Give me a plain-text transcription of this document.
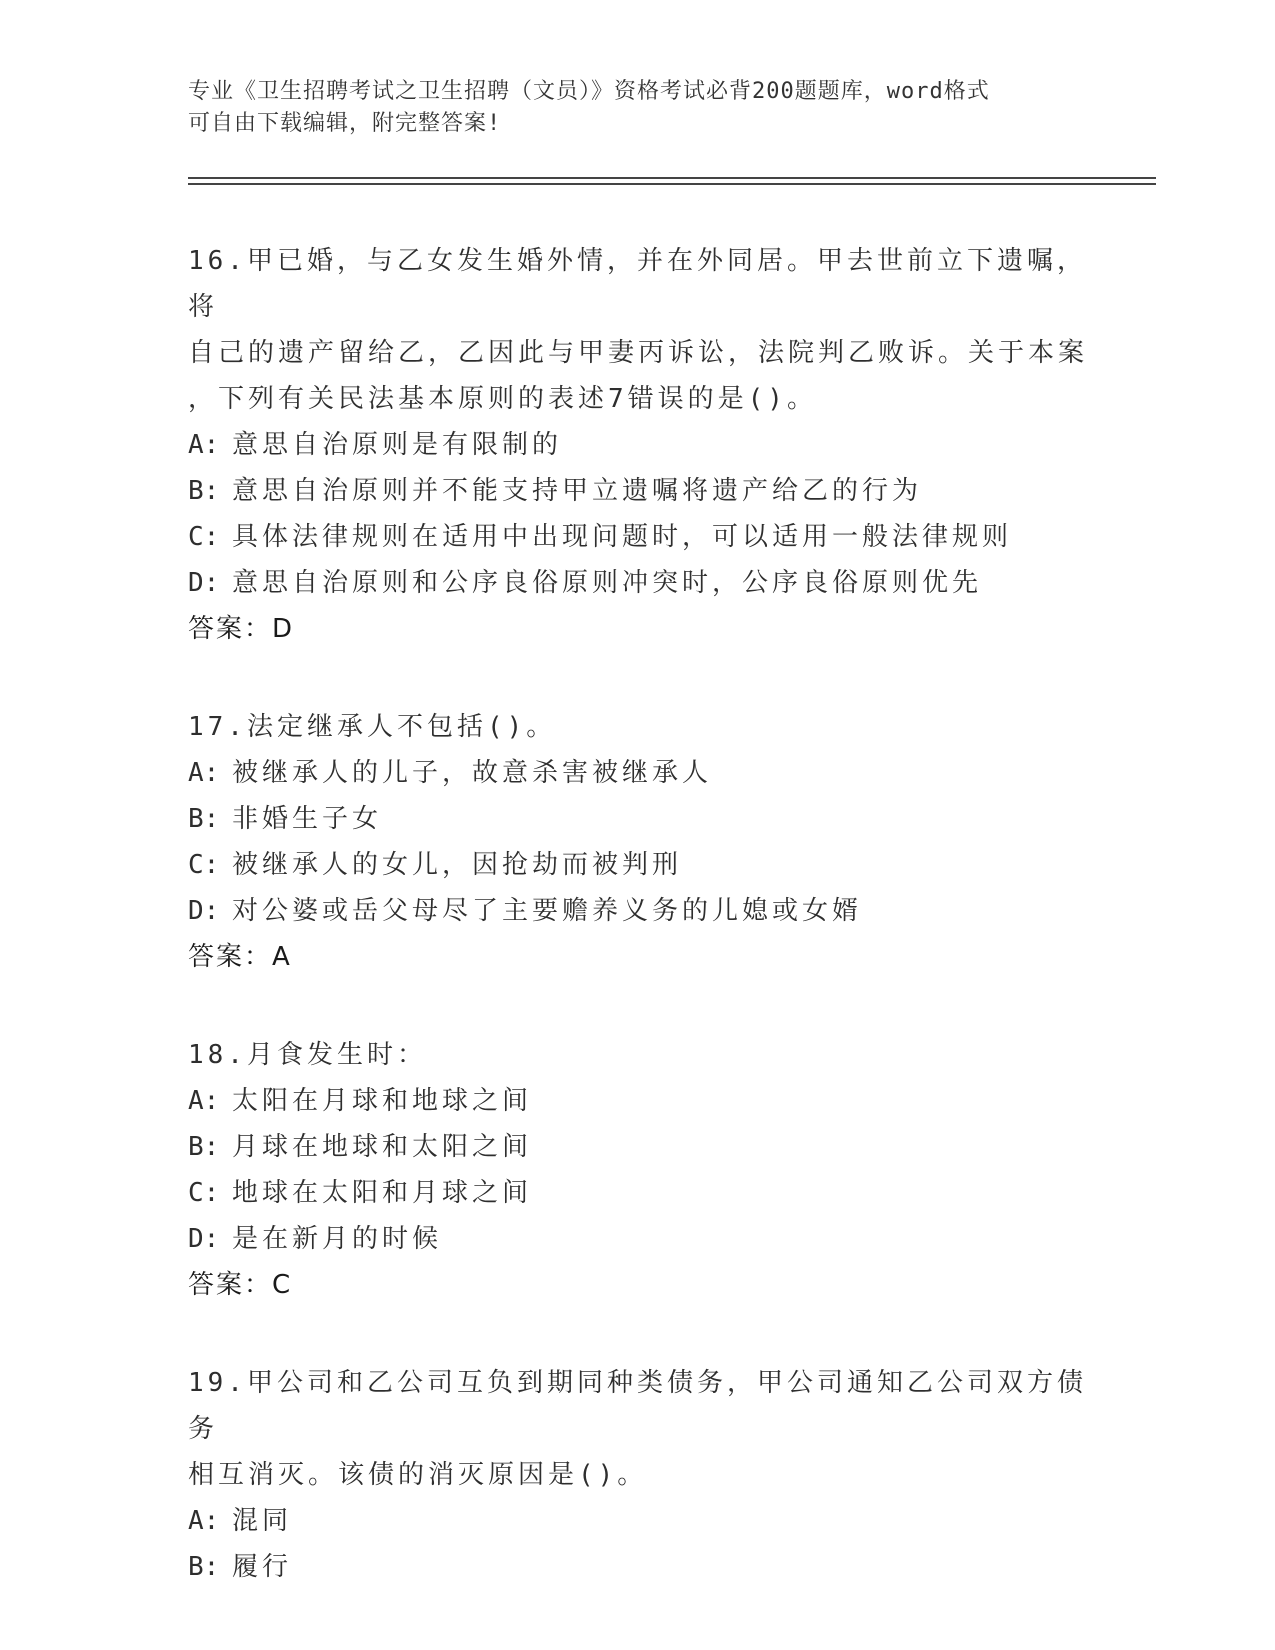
专业《卫生招聘考试之卫生招聘（文员）》资格考试必背200题题库，word格式
可自由下载编辑，附完整答案!
16.甲已婚，与乙女发生婚外情，并在外同居。甲去世前立下遗嘱，将
自己的遗产留给乙，乙因此与甲妻丙诉讼，法院判乙败诉。关于本案
，下列有关民法基本原则的表述7错误的是()。
A: 意思自治原则是有限制的
B: 意思自治原则并不能支持甲立遗嘱将遗产给乙的行为
C: 具体法律规则在适用中出现问题时，可以适用一般法律规则
D: 意思自治原则和公序良俗原则冲突时，公序良俗原则优先
答案：D
17.法定继承人不包括()。
A: 被继承人的儿子，故意杀害被继承人
B: 非婚生子女
C: 被继承人的女儿，因抢劫而被判刑
D: 对公婆或岳父母尽了主要赡养义务的儿媳或女婿
答案：A
18.月食发生时：
A: 太阳在月球和地球之间
B: 月球在地球和太阳之间
C: 地球在太阳和月球之间
D: 是在新月的时候
答案：C
19.甲公司和乙公司互负到期同种类债务，甲公司通知乙公司双方债务
相互消灭。该债的消灭原因是()。
A: 混同
B: 履行
